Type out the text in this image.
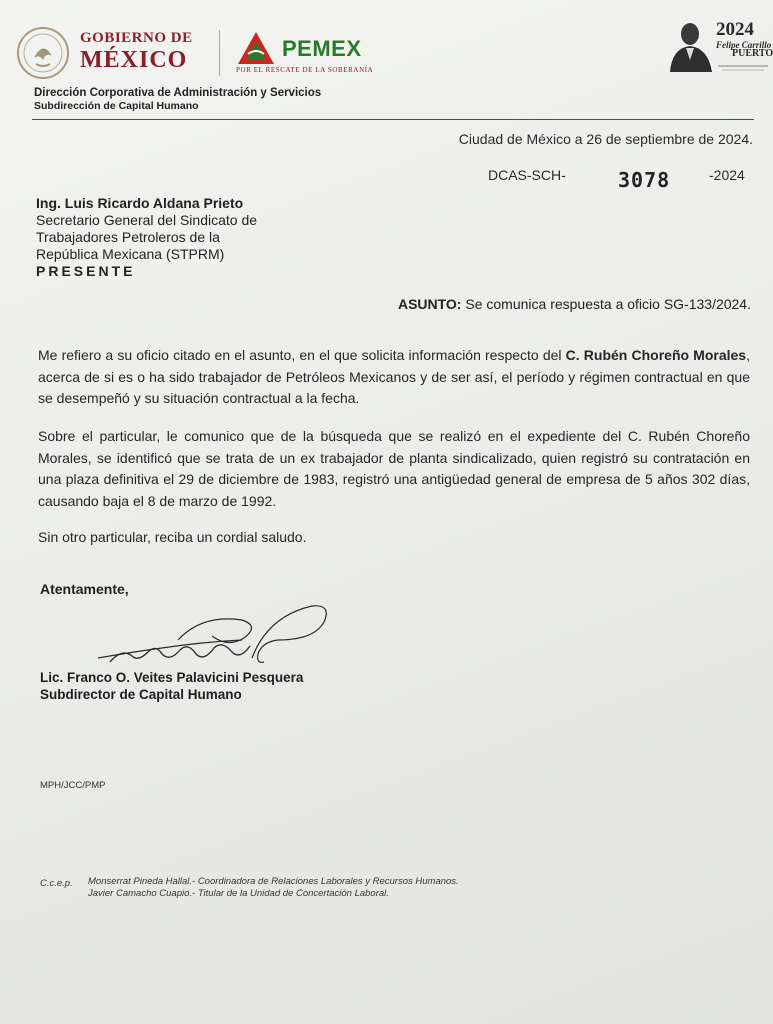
GOBIERNO DE
MÉXICO	PEMEX
POR EL RESCATE DE LA SOBERANÍA
2024
Felipe Carrillo
PUERTO
Dirección Corporativa de Administración y Servicios
Subdirección de Capital Humano
Ciudad de México a 26 de septiembre de 2024.
DCAS-SCH-	3078	-2024
Ing. Luis Ricardo Aldana Prieto
Secretario General del Sindicato de
Trabajadores Petroleros de la
República Mexicana (STPRM)
PRESENTE
ASUNTO: Se comunica respuesta a oficio SG-133/2024.
Me refiero a su oficio citado en el asunto, en el que solicita información respecto del C. Rubén Choreño Morales, acerca de si es o ha sido trabajador de Petróleos Mexicanos y de ser así, el período y régimen contractual en que se desempeñó y su situación contractual a la fecha.
Sobre el particular, le comunico que de la búsqueda que se realizó en el expediente del C. Rubén Choreño Morales, se identificó que se trata de un ex trabajador de planta sindicalizado, quien registró su contratación en una plaza definitiva el 29 de diciembre de 1983, registró una antigüedad general de empresa de 5 años 302 días, causando baja el 8 de marzo de 1992.
Sin otro particular, reciba un cordial saludo.
Atentamente,
Lic. Franco O. Veites Palavicini Pesquera
Subdirector de Capital Humano
MPH/JCC/PMP
C.c.e.p. Monserrat Pineda Hallal.- Coordinadora de Relaciones Laborales y Recursos Humanos.
Javier Camacho Cuapio.- Titular de la Unidad de Concertación Laboral.
